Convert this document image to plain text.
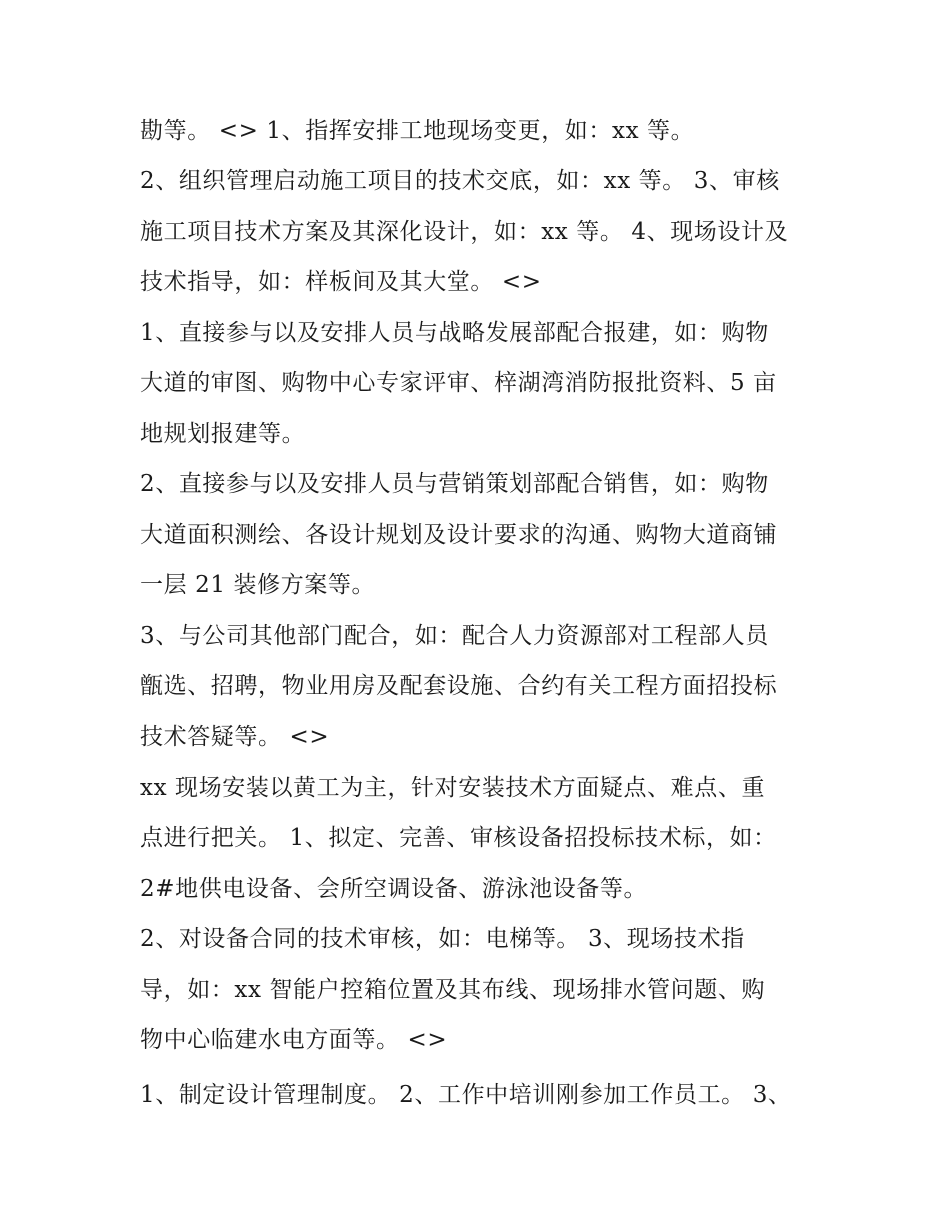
勘等。 <> 1、指挥安排工地现场变更，如：xx 等。
2、组织管理启动施工项目的技术交底，如：xx 等。 3、审核
施工项目技术方案及其深化设计，如：xx 等。 4、现场设计及
技术指导，如：样板间及其大堂。 <>
1、直接参与以及安排人员与战略发展部配合报建，如：购物
大道的审图、购物中心专家评审、梓湖湾消防报批资料、5 亩
地规划报建等。
2、直接参与以及安排人员与营销策划部配合销售，如：购物
大道面积测绘、各设计规划及设计要求的沟通、购物大道商铺
一层 21 装修方案等。
3、与公司其他部门配合，如：配合人力资源部对工程部人员
甑选、招聘，物业用房及配套设施、合约有关工程方面招投标
技术答疑等。 <>
xx 现场安装以黄工为主，针对安装技术方面疑点、难点、重
点进行把关。 1、拟定、完善、审核设备招投标技术标，如：
2#地供电设备、会所空调设备、游泳池设备等。
2、对设备合同的技术审核，如：电梯等。 3、现场技术指
导，如：xx 智能户控箱位置及其布线、现场排水管问题、购
物中心临建水电方面等。 <>
1、制定设计管理制度。 2、工作中培训刚参加工作员工。 3、
